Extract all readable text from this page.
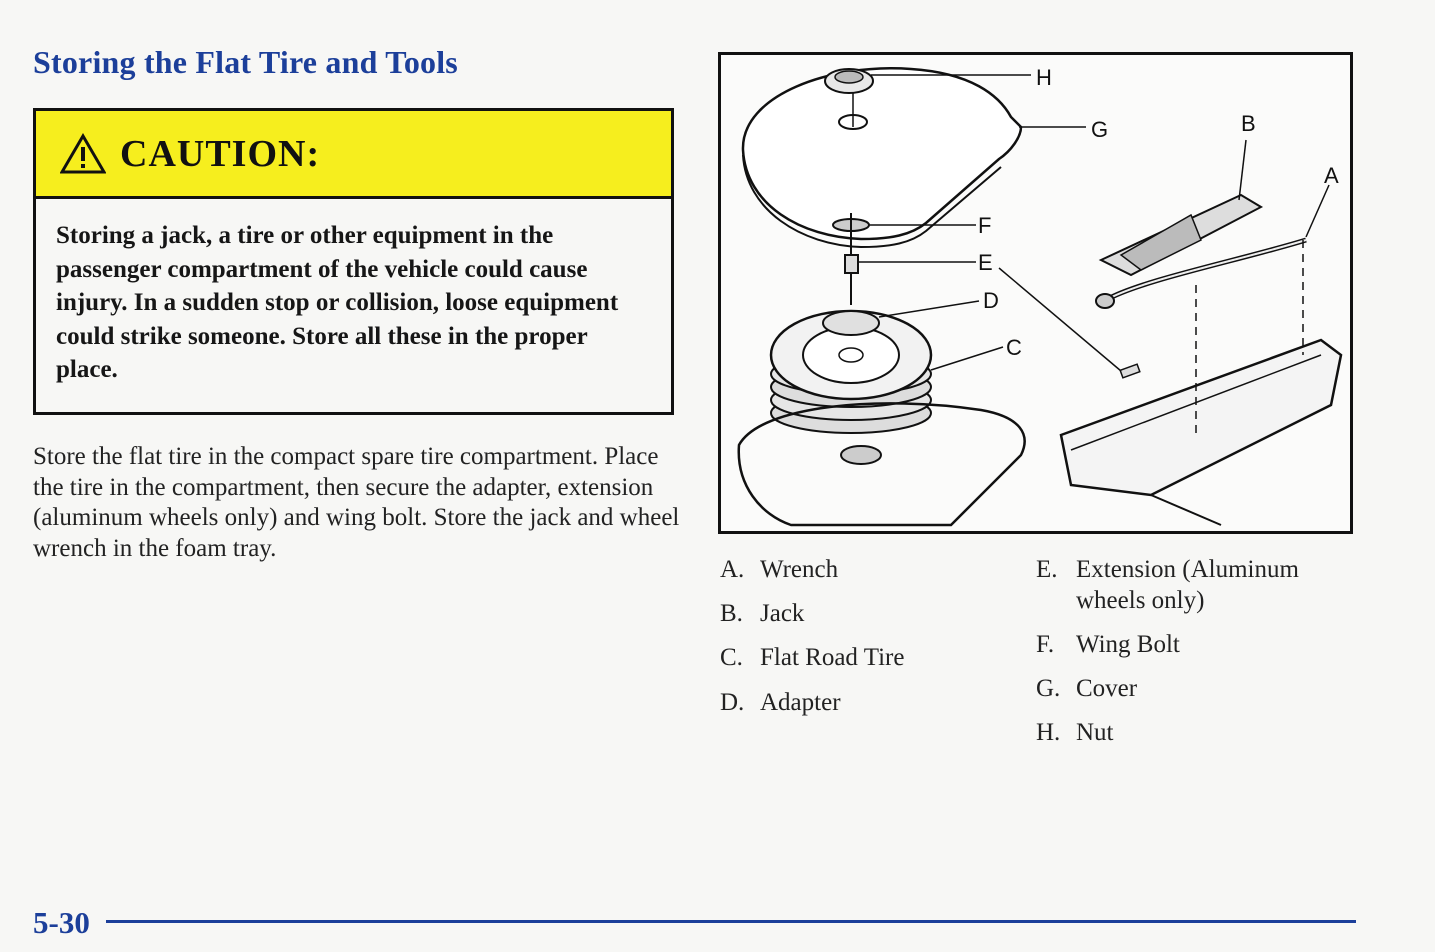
Storing the Flat Tire and Tools
CAUTION:

Storing a jack, a tire or other equipment in the passenger compartment of the vehicle could cause injury. In a sudden stop or collision, loose equipment could strike someone. Store all these in the proper place.

Store the flat tire in the compact spare tire compartment. Place the tire in the compartment, then secure the adapter, extension (aluminum wheels only) and wing bolt. Store the jack and wheel wrench in the foam tray.

H
G	B
A
F
E
D
C
A. Wrench
B. Jack
C. Flat Road Tire
D. Adapter
E. Extension (Aluminum
wheels only)
F. Wing Bolt
G. Cover
H. Nut
5-30
